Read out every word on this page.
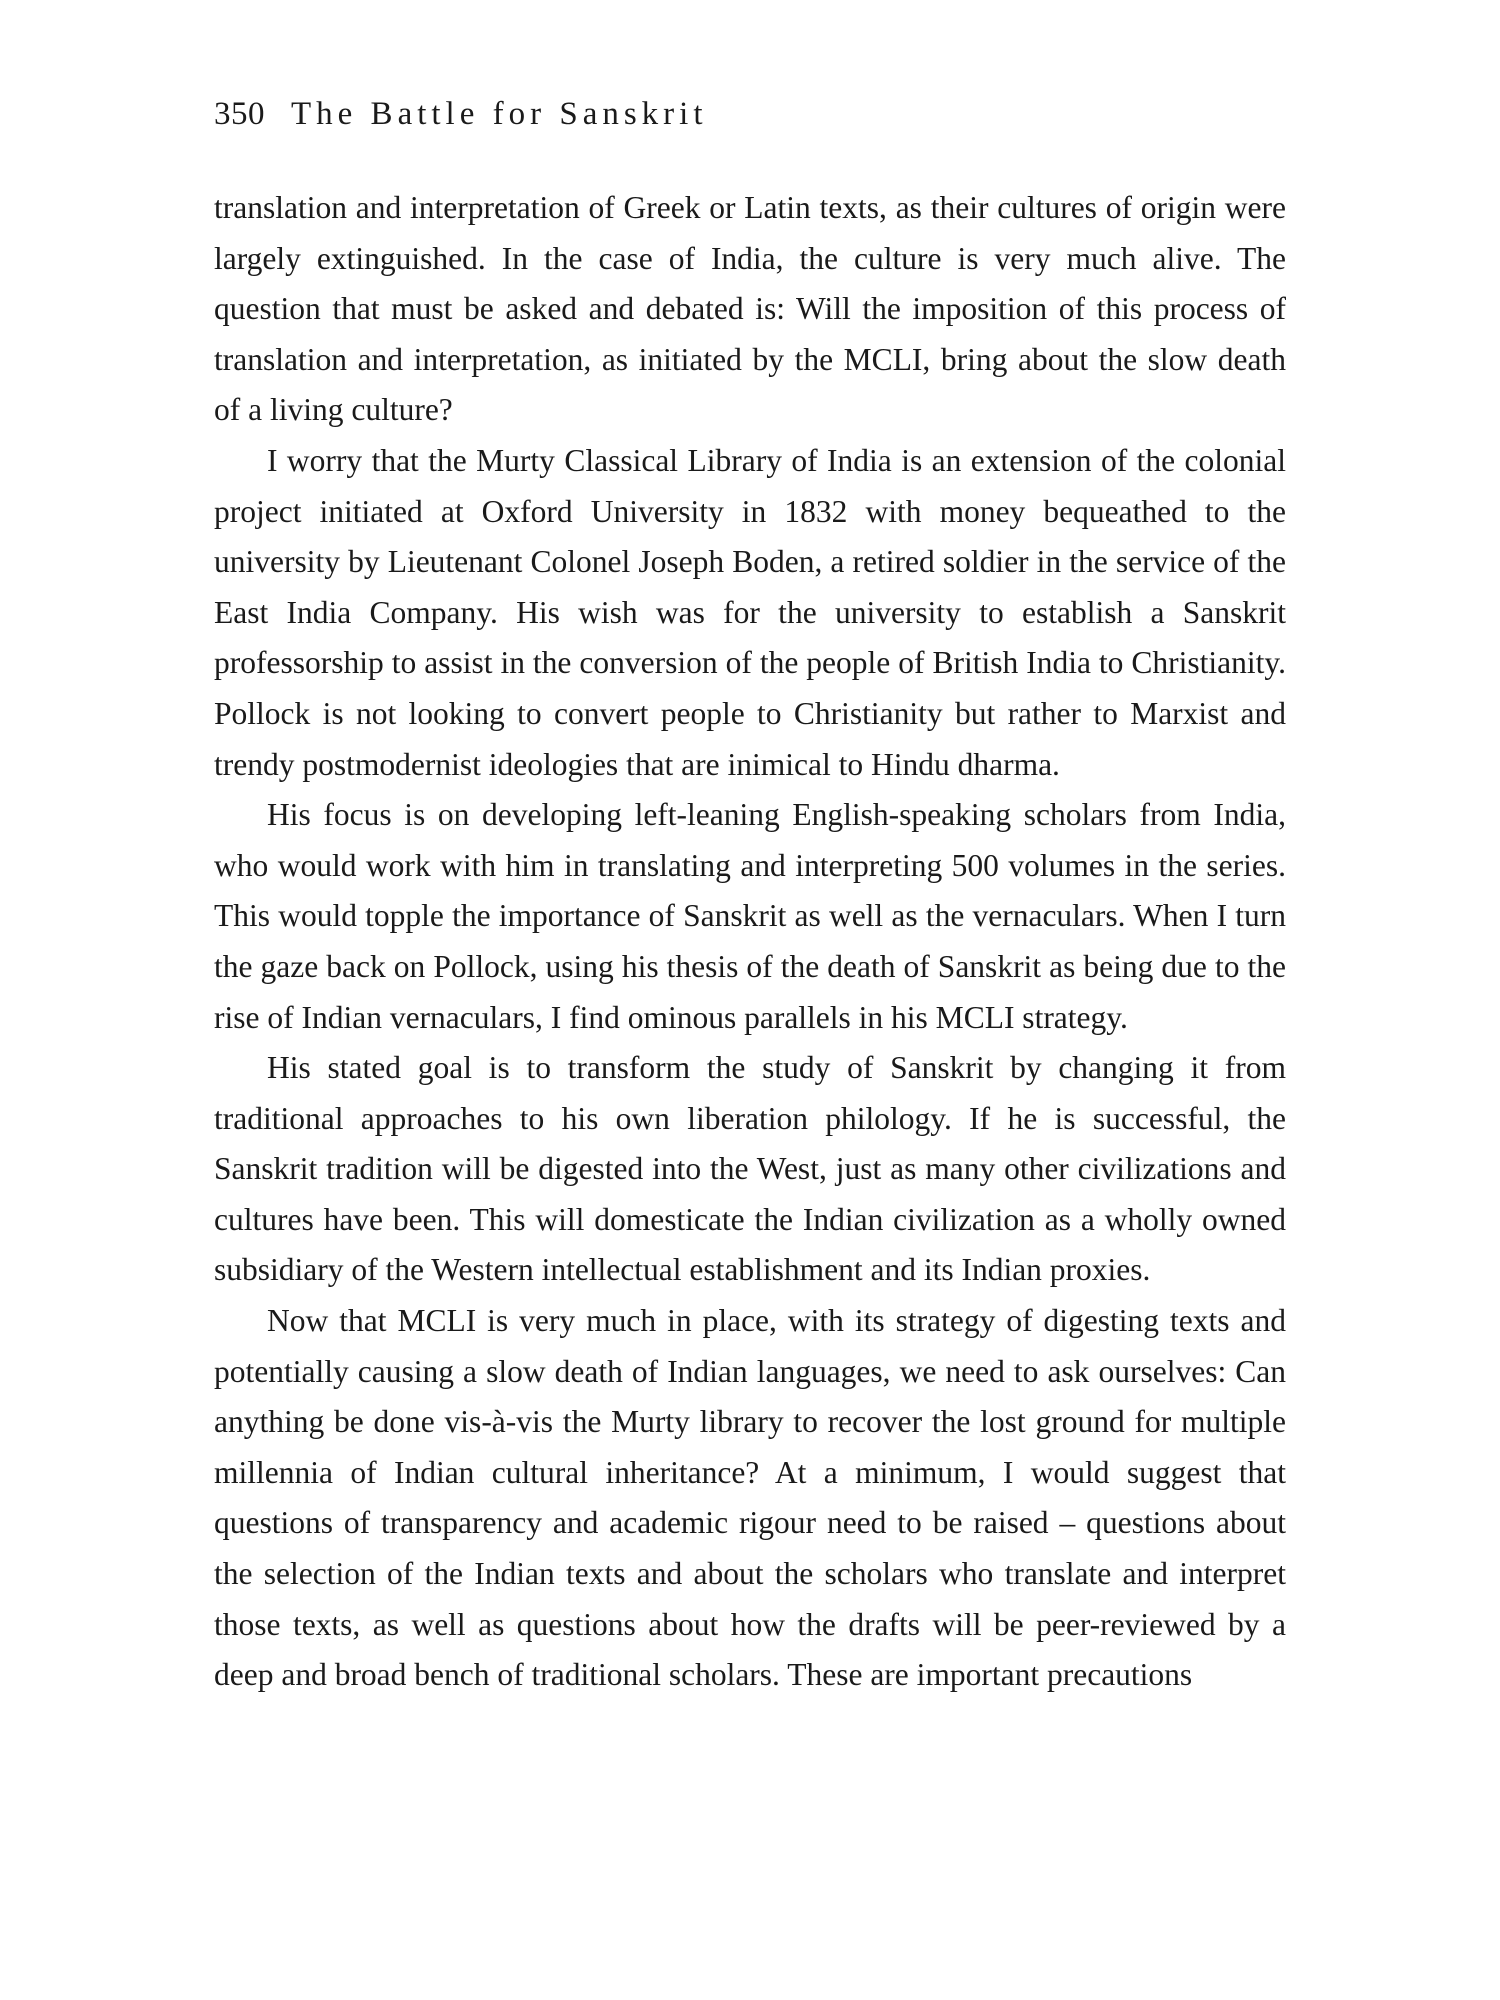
350 The Battle for Sanskrit

translation and interpretation of Greek or Latin texts, as their cultures of origin were largely extinguished. In the case of India, the culture is very much alive. The question that must be asked and debated is: Will the imposition of this process of translation and interpretation, as initiated by the MCLI, bring about the slow death of a living culture?

I worry that the Murty Classical Library of India is an extension of the colonial project initiated at Oxford University in 1832 with money bequeathed to the university by Lieutenant Colonel Joseph Boden, a retired soldier in the service of the East India Company. His wish was for the university to establish a Sanskrit professorship to assist in the conversion of the people of British India to Christianity. Pollock is not looking to convert people to Christianity but rather to Marxist and trendy postmodernist ideologies that are inimical to Hindu dharma.

His focus is on developing left-leaning English-speaking scholars from India, who would work with him in translating and interpreting 500 volumes in the series. This would topple the importance of Sanskrit as well as the vernaculars. When I turn the gaze back on Pollock, using his thesis of the death of Sanskrit as being due to the rise of Indian vernaculars, I find ominous parallels in his MCLI strategy.

His stated goal is to transform the study of Sanskrit by changing it from traditional approaches to his own liberation philology. If he is successful, the Sanskrit tradition will be digested into the West, just as many other civilizations and cultures have been. This will domesticate the Indian civilization as a wholly owned subsidiary of the Western intellectual establishment and its Indian proxies.

Now that MCLI is very much in place, with its strategy of digesting texts and potentially causing a slow death of Indian languages, we need to ask ourselves: Can anything be done vis-à-vis the Murty library to recover the lost ground for multiple millennia of Indian cultural inheritance? At a minimum, I would suggest that questions of transparency and academic rigour need to be raised – questions about the selection of the Indian texts and about the scholars who translate and interpret those texts, as well as questions about how the drafts will be peer-reviewed by a deep and broad bench of traditional scholars. These are important precautions
